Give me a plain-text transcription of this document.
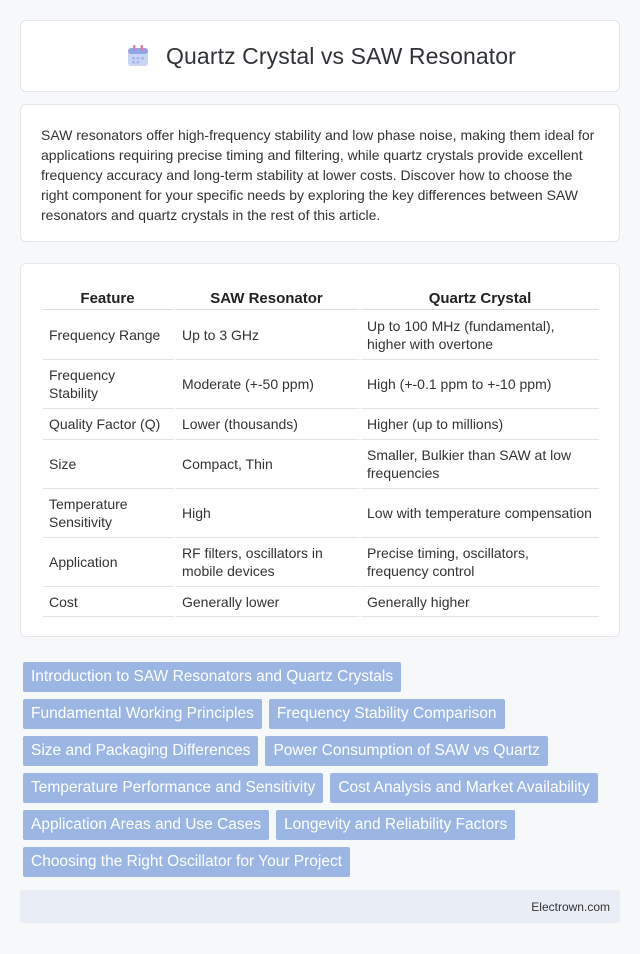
Quartz Crystal vs SAW Resonator

SAW resonators offer high-frequency stability and low phase noise, making them ideal for applications requiring precise timing and filtering, while quartz crystals provide excellent frequency accuracy and long-term stability at lower costs. Discover how to choose the right component for your specific needs by exploring the key differences between SAW resonators and quartz crystals in the rest of this article.

Feature	SAW Resonator	Quartz Crystal
Frequency Range	Up to 3 GHz	Up to 100 MHz (fundamental), higher with overtone
Frequency Stability	Moderate (+-50 ppm)	High (+-0.1 ppm to +-10 ppm)
Quality Factor (Q)	Lower (thousands)	Higher (up to millions)
Size	Compact, Thin	Smaller, Bulkier than SAW at low frequencies
Temperature Sensitivity	High	Low with temperature compensation
Application	RF filters, oscillators in mobile devices	Precise timing, oscillators, frequency control
Cost	Generally lower	Generally higher
Introduction to SAW Resonators and Quartz Crystals
Fundamental Working Principles	Frequency Stability Comparison
Size and Packaging Differences	Power Consumption of SAW vs Quartz
Temperature Performance and Sensitivity	Cost Analysis and Market Availability
Application Areas and Use Cases	Longevity and Reliability Factors
Choosing the Right Oscillator for Your Project
Electrown.com
